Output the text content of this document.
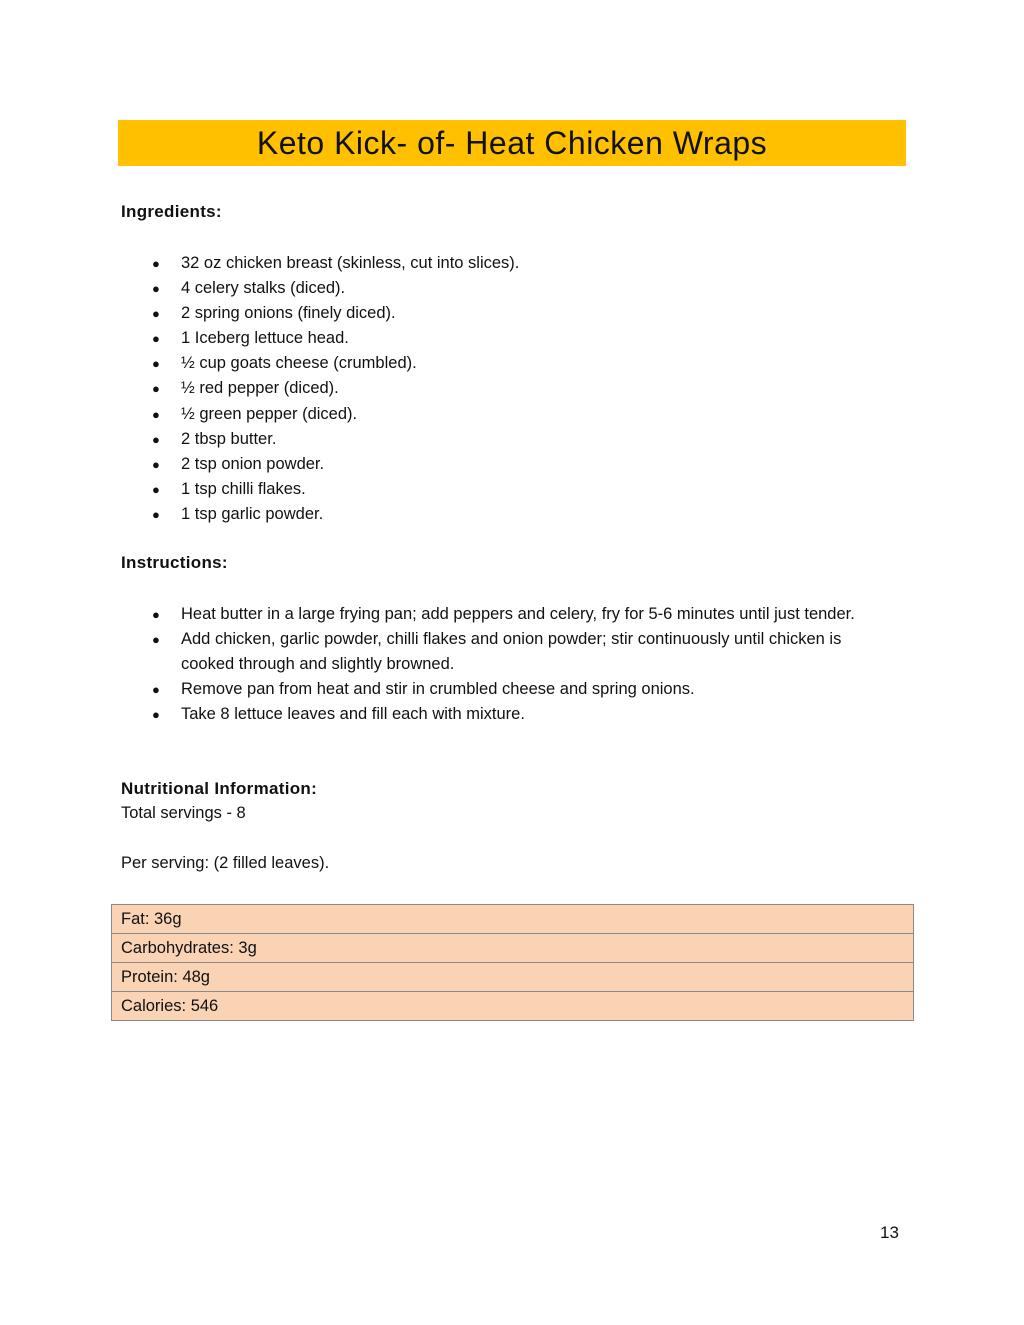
Keto Kick- of- Heat Chicken Wraps
Ingredients:
● 32 oz chicken breast (skinless, cut into slices).
● 4 celery stalks (diced).
● 2 spring onions (finely diced).
● 1 Iceberg lettuce head.
● ½ cup goats cheese (crumbled).
● ½ red pepper (diced).
● ½ green pepper (diced).
● 2 tbsp butter.
● 2 tsp onion powder.
● 1 tsp chilli flakes.
● 1 tsp garlic powder.
Instructions:
● Heat butter in a large frying pan; add peppers and celery, fry for 5-6 minutes until just tender.
● Add chicken, garlic powder, chilli flakes and onion powder; stir continuously until chicken is cooked through and slightly browned.
● Remove pan from heat and stir in crumbled cheese and spring onions.
● Take 8 lettuce leaves and fill each with mixture.
Nutritional Information:

Total servings - 8

Per serving: (2 filled leaves).

Fat: 36g
Carbohydrates: 3g
Protein: 48g
Calories: 546
13
